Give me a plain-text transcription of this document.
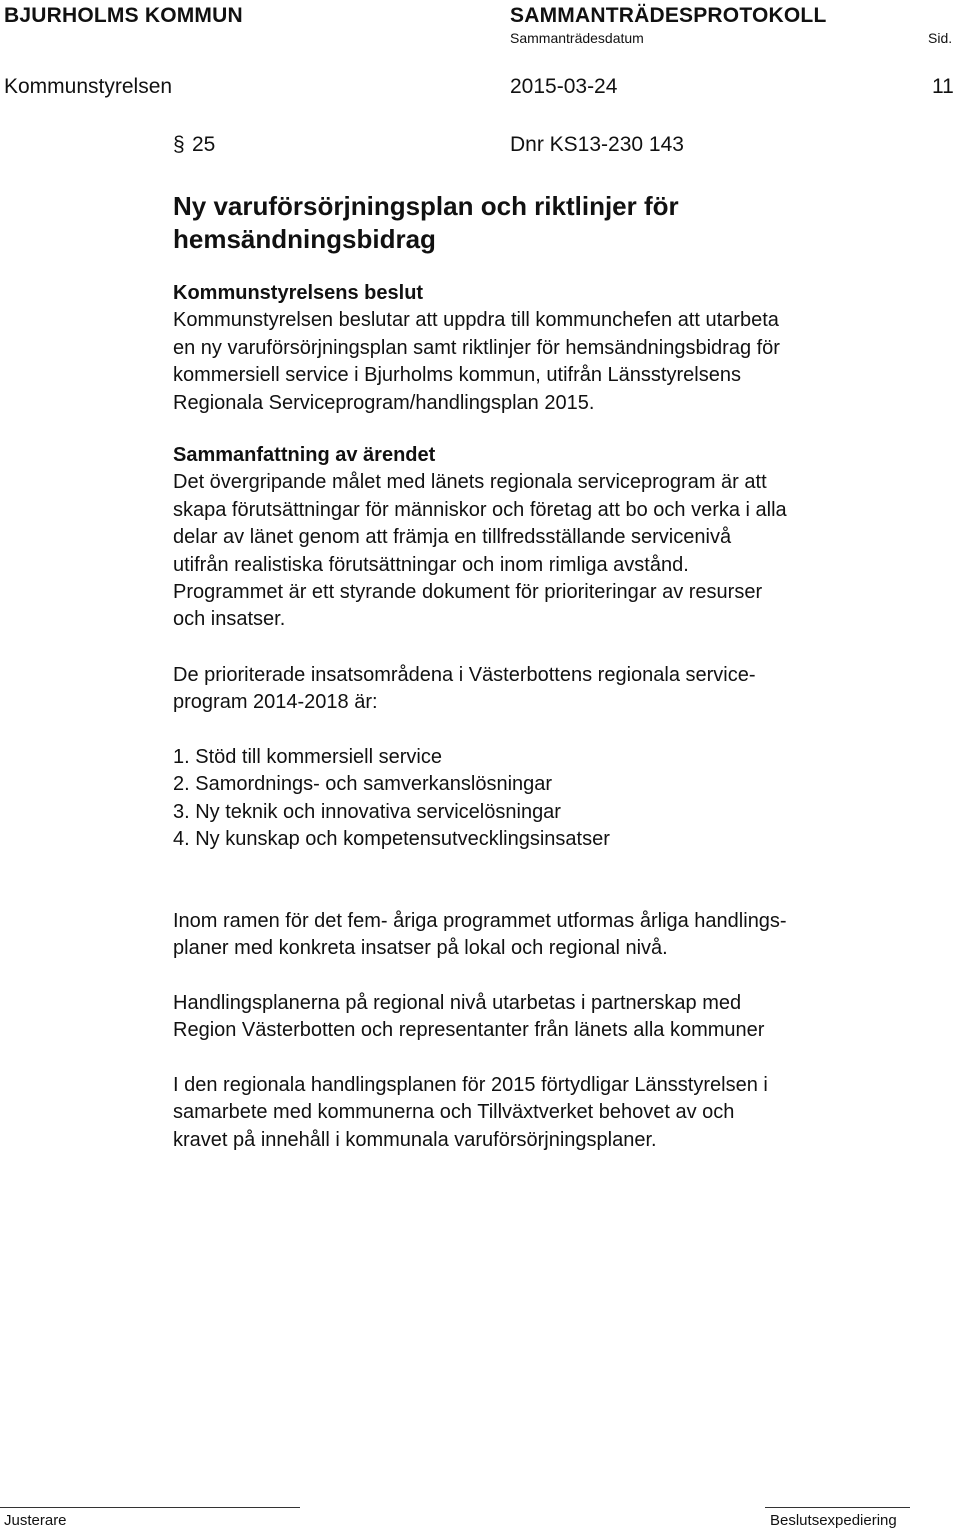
BJURHOLMS KOMMUN	SAMMANTRÄDESPROTOKOLL
Sammanträdesdatum	Sid.
Kommunstyrelsen	2015-03-24	11
§ 25	Dnr KS13-230 143
Ny varuförsörjningsplan och riktlinjer för hemsändningsbidrag
Kommunstyrelsens beslut
Kommunstyrelsen beslutar att uppdra till kommunchefen att utarbeta
en ny varuförsörjningsplan samt riktlinjer för hemsändningsbidrag för
kommersiell service i Bjurholms kommun, utifrån Länsstyrelsens
Regionala Serviceprogram/handlingsplan 2015.
Sammanfattning av ärendet
Det övergripande målet med länets regionala serviceprogram är att
skapa förutsättningar för människor och företag att bo och verka i alla
delar av länet genom att främja en tillfredsställande servicenivå
utifrån realistiska förutsättningar och inom rimliga avstånd.
Programmet är ett styrande dokument för prioriteringar av resurser
och insatser.
De prioriterade insatsområdena i Västerbottens regionala service-
program 2014-2018 är:
1. Stöd till kommersiell service
2. Samordnings- och samverkanslösningar
3. Ny teknik och innovativa servicelösningar
4. Ny kunskap och kompetensutvecklingsinsatser
Inom ramen för det fem- åriga programmet utformas årliga handlings-
planer med konkreta insatser på lokal och regional nivå.
Handlingsplanerna på regional nivå utarbetas i partnerskap med
Region Västerbotten och representanter från länets alla kommuner
I den regionala handlingsplanen för 2015 förtydligar Länsstyrelsen i
samarbete med kommunerna och Tillväxtverket behovet av och
kravet på innehåll i kommunala varuförsörjningsplaner.
Justerare	Beslutsexpediering
